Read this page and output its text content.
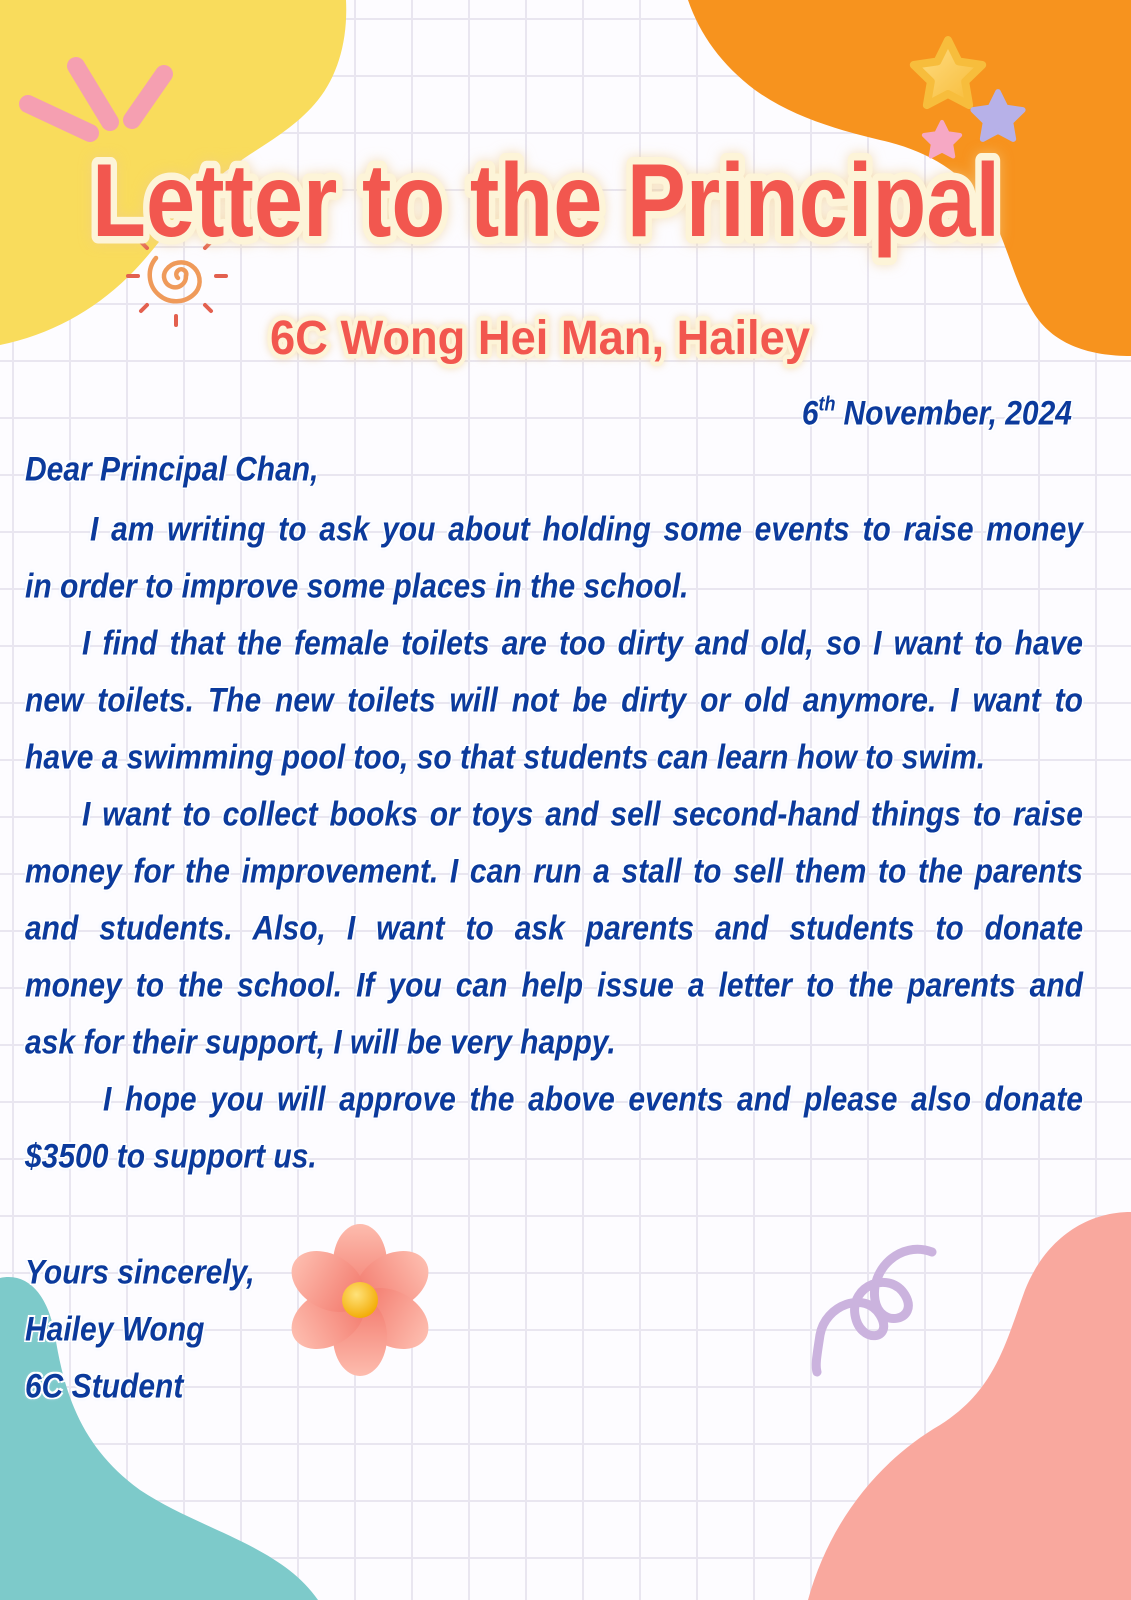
Letter to the Principal
6C Wong Hei Man, Hailey
6th November, 2024
Dear Principal Chan,
I am writing to ask you about holding some events to raise money
in order to improve some places in the school.
I find that the female toilets are too dirty and old, so I want to have
new toilets. The new toilets will not be dirty or old anymore. I want to
have a swimming pool too, so that students can learn how to swim.
I want to collect books or toys and sell second-hand things to raise
money for the improvement. I can run a stall to sell them to the parents
and students. Also, I want to ask parents and students to donate
money to the school. If you can help issue a letter to the parents and
ask for their support, I will be very happy.
I hope you will approve the above events and please also donate
$3500 to support us.
Yours sincerely,
Hailey Wong
6C Student
